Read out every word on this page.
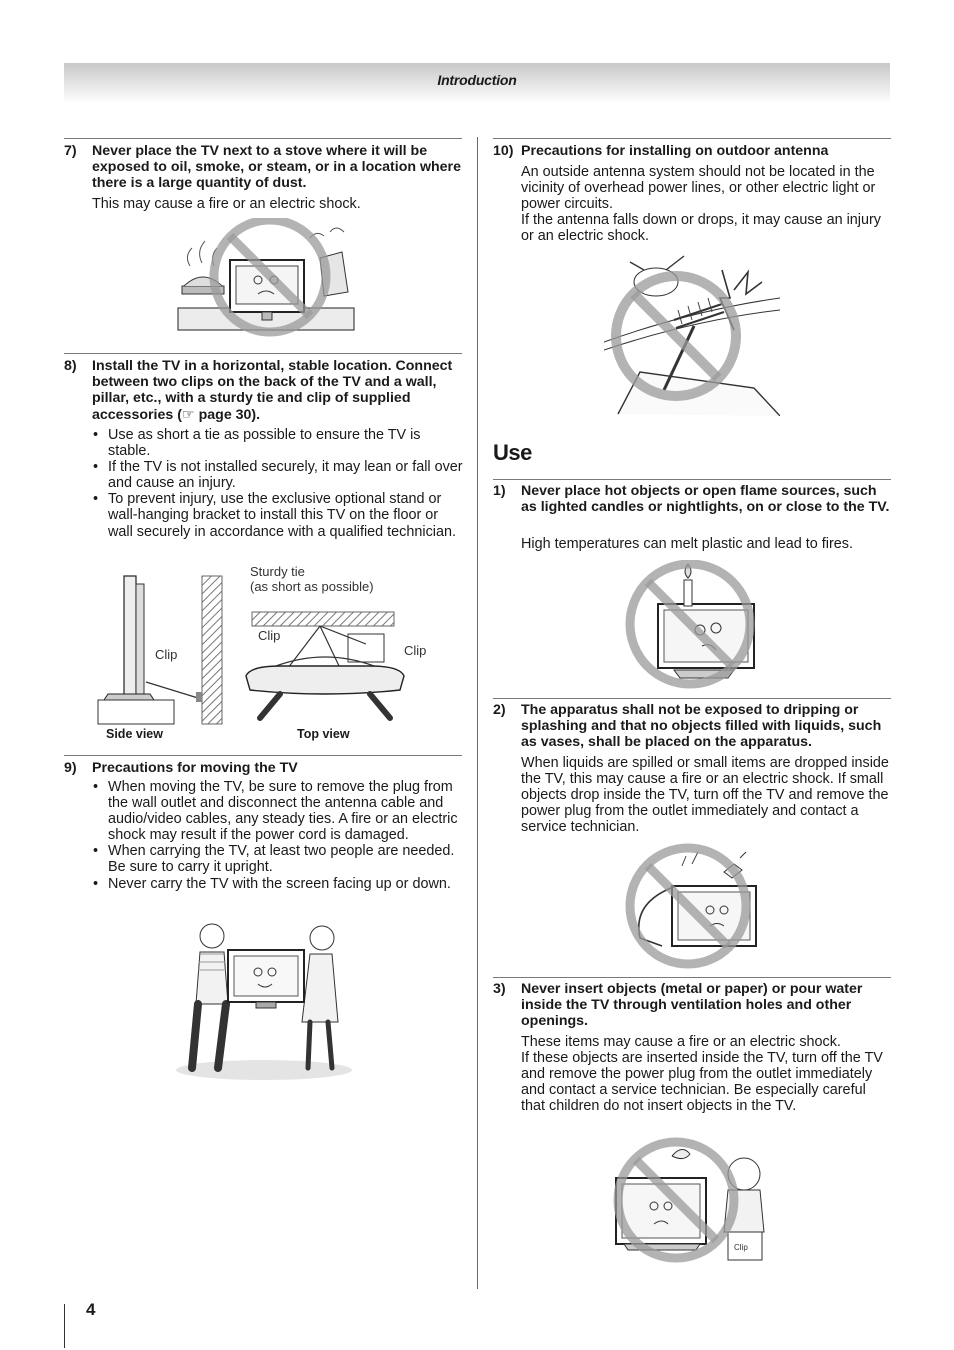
Introduction
7) Never place the TV next to a stove where it will be exposed to oil, smoke, or steam, or in a location where there is a large quantity of dust.
This may cause a fire or an electric shock.
8) Install the TV in a horizontal, stable location. Connect between two clips on the back of the TV and a wall, pillar, etc., with a sturdy tie and clip of supplied accessories (☞ page 30).
• Use as short a tie as possible to ensure the TV is stable.
• If the TV is not installed securely, it may lean or fall over and cause an injury.
• To prevent injury, use the exclusive optional stand or wall-hanging bracket to install this TV on the floor or wall securely in accordance with a qualified technician.
Clip
Sturdy tie
(as short as possible)
Clip
Clip
Side view	Top view
9) Precautions for moving the TV
• When moving the TV, be sure to remove the plug from the wall outlet and disconnect the antenna cable and audio/video cables, any steady ties. A fire or an electric shock may result if the power cord is damaged.
• When carrying the TV, at least two people are needed. Be sure to carry it upright.
• Never carry the TV with the screen facing up or down.
10) Precautions for installing on outdoor antenna
An outside antenna system should not be located in the vicinity of overhead power lines, or other electric light or power circuits.
If the antenna falls down or drops, it may cause an injury or an electric shock.
Use
1) Never place hot objects or open flame sources, such as lighted candles or nightlights, on or close to the TV.
High temperatures can melt plastic and lead to fires.
2) The apparatus shall not be exposed to dripping or splashing and that no objects filled with liquids, such as vases, shall be placed on the apparatus.
When liquids are spilled or small items are dropped inside the TV, this may cause a fire or an electric shock. If small objects drop inside the TV, turn off the TV and remove the power plug from the outlet immediately and contact a service technician.
3) Never insert objects (metal or paper) or pour water inside the TV through ventilation holes and other openings.
These items may cause a fire or an electric shock.
If these objects are inserted inside the TV, turn off the TV and remove the power plug from the outlet immediately and contact a service technician. Be especially careful that children do not insert objects in the TV.
Clip
4
